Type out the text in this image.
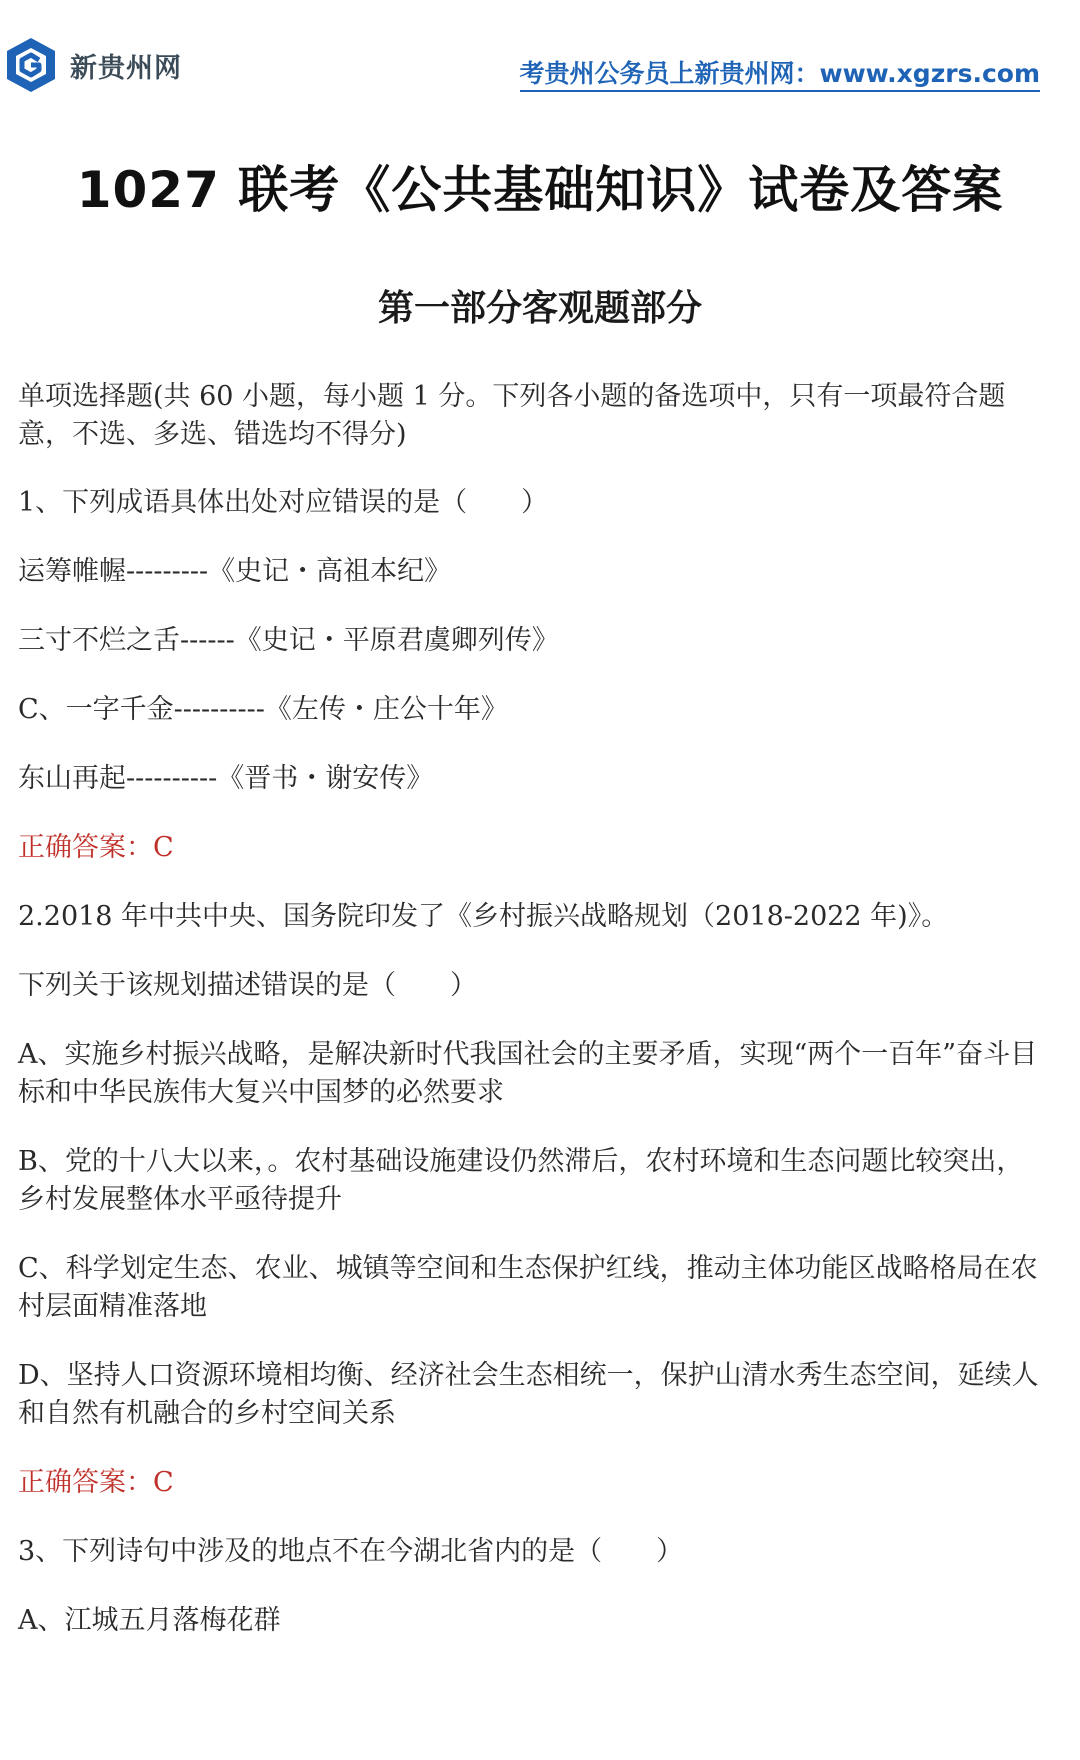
新贵州网	考贵州公务员上新贵州网：www.xgzrs.com
1027 联考《公共基础知识》试卷及答案
第一部分客观题部分

单项选择题(共 60 小题，每小题 1 分。下列各小题的备选项中，只有一项最符合题意，不选、多选、错选均不得分)

1、下列成语具体出处对应错误的是（　　）

运筹帷幄---------《史记・高祖本纪》

三寸不烂之舌------《史记・平原君虞卿列传》

C、一字千金----------《左传・庄公十年》

东山再起----------《晋书・谢安传》

正确答案：C

2.2018 年中共中央、国务院印发了《乡村振兴战略规划（2018-2022 年)》。

下列关于该规划描述错误的是（　　）

A、实施乡村振兴战略，是解决新时代我国社会的主要矛盾，实现“两个一百年”奋斗目标和中华民族伟大复兴中国梦的必然要求

B、党的十八大以来，。农村基础设施建设仍然滞后，农村环境和生态问题比较突出，乡村发展整体水平亟待提升

C、科学划定生态、农业、城镇等空间和生态保护红线，推动主体功能区战略格局在农村层面精准落地

D、坚持人口资源环境相均衡、经济社会生态相统一，保护山清水秀生态空间，延续人和自然有机融合的乡村空间关系

正确答案：C

3、下列诗句中涉及的地点不在今湖北省内的是（　　）

A、江城五月落梅花群
